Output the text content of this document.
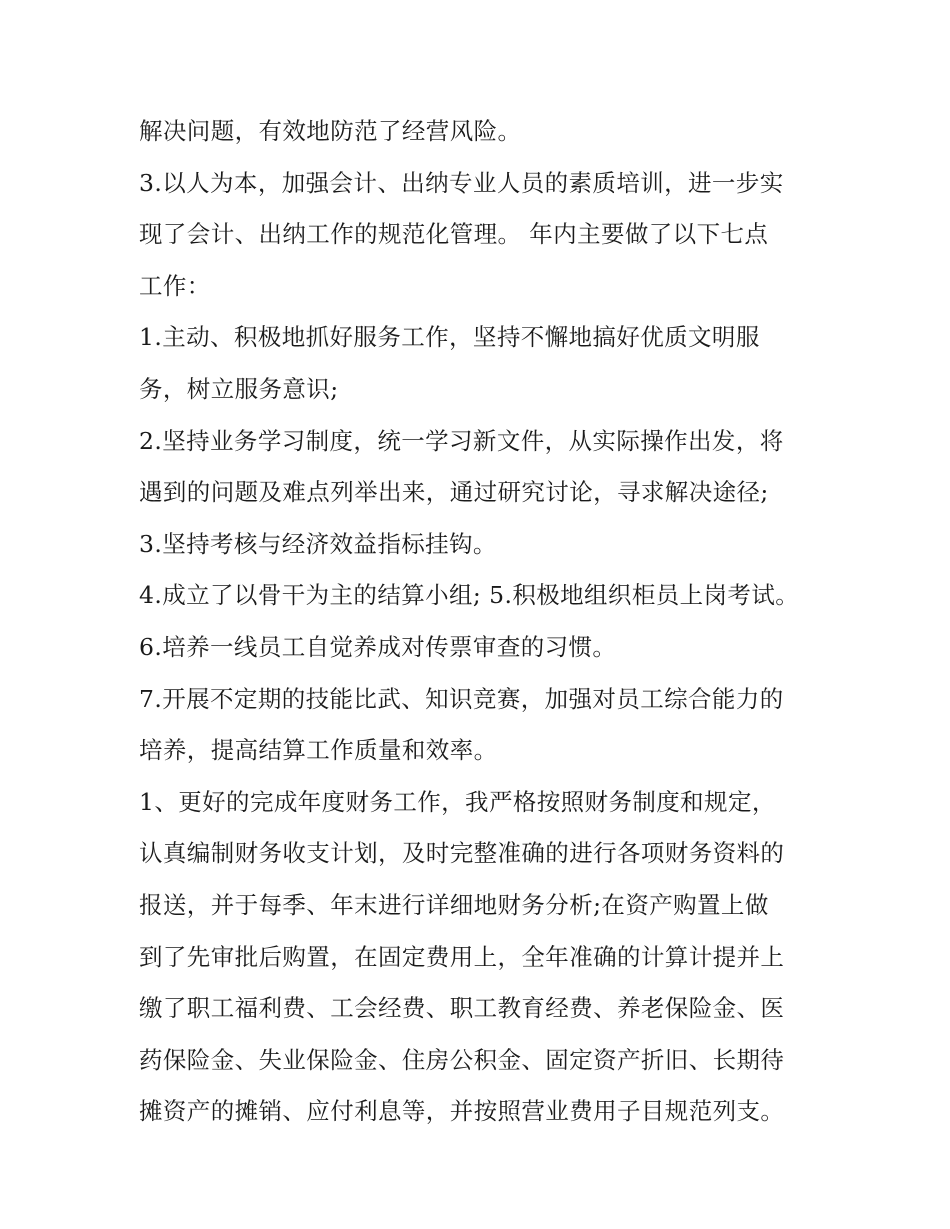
解决问题，有效地防范了经营风险。
3.以人为本，加强会计、出纳专业人员的素质培训，进一步实
现了会计、出纳工作的规范化管理。 年内主要做了以下七点
工作：
1.主动、积极地抓好服务工作，坚持不懈地搞好优质文明服
务，树立服务意识;
2.坚持业务学习制度，统一学习新文件，从实际操作出发，将
遇到的问题及难点列举出来，通过研究讨论，寻求解决途径;
3.坚持考核与经济效益指标挂钩。
4.成立了以骨干为主的结算小组; 5.积极地组织柜员上岗考试。
6.培养一线员工自觉养成对传票审查的习惯。
7.开展不定期的技能比武、知识竞赛，加强对员工综合能力的
培养，提高结算工作质量和效率。
1、更好的完成年度财务工作，我严格按照财务制度和规定，
认真编制财务收支计划，及时完整准确的进行各项财务资料的
报送，并于每季、年末进行详细地财务分析;在资产购置上做
到了先审批后购置，在固定费用上，全年准确的计算计提并上
缴了职工福利费、工会经费、职工教育经费、养老保险金、医
药保险金、失业保险金、住房公积金、固定资产折旧、长期待
摊资产的摊销、应付利息等，并按照营业费用子目规范列支。
